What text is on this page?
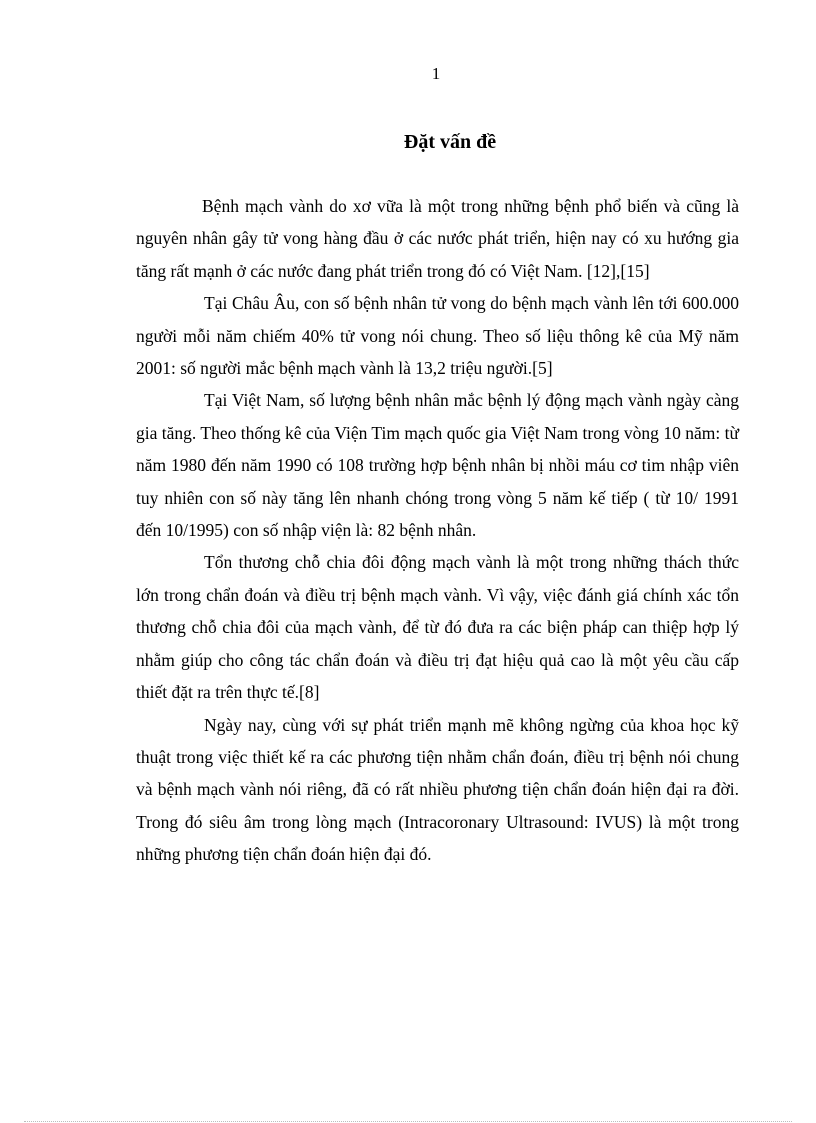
1
Đặt vấn đề

Bệnh mạch vành do xơ vữa là một trong những bệnh phổ biến và cũng là nguyên nhân gây tử vong hàng đầu ở các nước phát triển, hiện nay có xu hướng gia tăng rất mạnh ở các nước đang phát triển trong đó có Việt Nam. [12],[15]

Tại Châu Âu, con số bệnh nhân tử vong do bệnh mạch vành lên tới 600.000 người mỗi năm chiếm 40% tử vong nói chung. Theo số liệu thông kê của Mỹ năm 2001: số người mắc bệnh mạch vành là 13,2 triệu người.[5]

Tại Việt Nam, số lượng bệnh nhân mắc bệnh lý động mạch vành ngày càng gia tăng. Theo thống kê của Viện Tim mạch quốc gia Việt Nam trong vòng 10 năm: từ năm 1980 đến năm 1990 có 108 trường hợp bệnh nhân bị nhồi máu cơ tim nhập viên tuy nhiên con số này tăng lên nhanh chóng trong vòng 5 năm kế tiếp ( từ 10/ 1991 đến 10/1995) con số nhập viện là: 82 bệnh nhân.

Tổn thương chỗ chia đôi động mạch vành là một trong những thách thức lớn trong chẩn đoán và điều trị bệnh mạch vành. Vì vậy, việc đánh giá chính xác tổn thương chỗ chia đôi của mạch vành, để từ đó đưa ra các biện pháp can thiệp hợp lý nhằm giúp cho công tác chẩn đoán và điều trị đạt hiệu quả cao là một yêu cầu cấp thiết đặt ra trên thực tế.[8]

Ngày nay, cùng với sự phát triển mạnh mẽ không ngừng của khoa học kỹ thuật trong việc thiết kế ra các phương tiện nhằm chẩn đoán, điều trị bệnh nói chung và bệnh mạch vành nói riêng, đã có rất nhiều phương tiện chẩn đoán hiện đại ra đời. Trong đó siêu âm trong lòng mạch (Intracoronary Ultrasound: IVUS) là một trong những phương tiện chẩn đoán hiện đại đó.
